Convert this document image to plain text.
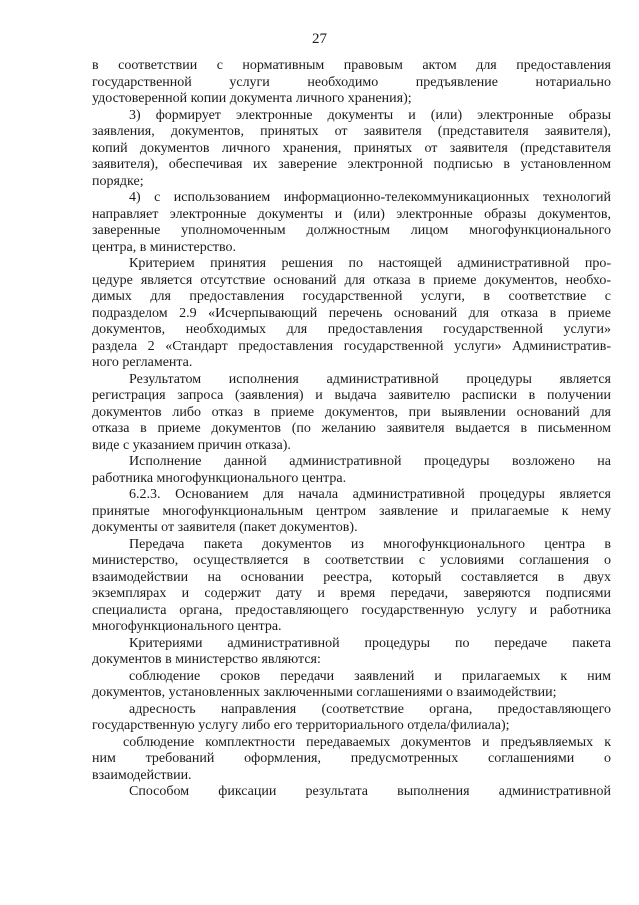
27
в соответствии с нормативным правовым актом для предоставления
государственной услуги необходимо предъявление нотариально
удостоверенной копии документа личного хранения);
3) формирует электронные документы и (или) электронные образы
заявления, документов, принятых от заявителя (представителя заявителя),
копий документов личного хранения, принятых от заявителя (представителя
заявителя), обеспечивая их заверение электронной подписью в установленном
порядке;
4) с использованием информационно-телекоммуникационных технологий
направляет электронные документы и (или) электронные образы документов,
заверенные уполномоченным должностным лицом многофункционального
центра, в министерство.
Критерием принятия решения по настоящей административной про-
цедуре является отсутствие оснований для отказа в приеме документов, необхо-
димых для предоставления государственной услуги, в соответствие с
подразделом 2.9 «Исчерпывающий перечень оснований для отказа в приеме
документов, необходимых для предоставления государственной услуги»
раздела 2 «Стандарт предоставления государственной услуги» Административ-
ного регламента.
Результатом исполнения административной процедуры является
регистрация запроса (заявления) и выдача заявителю расписки в получении
документов либо отказ в приеме документов, при выявлении оснований для
отказа в приеме документов (по желанию заявителя выдается в письменном
виде с указанием причин отказа).
Исполнение данной административной процедуры возложено на
работника многофункционального центра.
6.2.3. Основанием для начала административной процедуры является
принятые многофункциональным центром заявление и прилагаемые к нему
документы от заявителя (пакет документов).
Передача пакета документов из многофункционального центра в
министерство, осуществляется в соответствии с условиями соглашения о
взаимодействии на основании реестра, который составляется в двух
экземплярах и содержит дату и время передачи, заверяются подписями
специалиста органа, предоставляющего государственную услугу и работника
многофункционального центра.
Критериями административной процедуры по передаче пакета
документов в министерство являются:
соблюдение сроков передачи заявлений и прилагаемых к ним
документов, установленных заключенными соглашениями о взаимодействии;
адресность направления (соответствие органа, предоставляющего
государственную услугу либо его территориального отдела/филиала);
соблюдение комплектности передаваемых документов и предъявляемых к
ним требований оформления, предусмотренных соглашениями о
взаимодействии.
Способом фиксации результата выполнения административной
